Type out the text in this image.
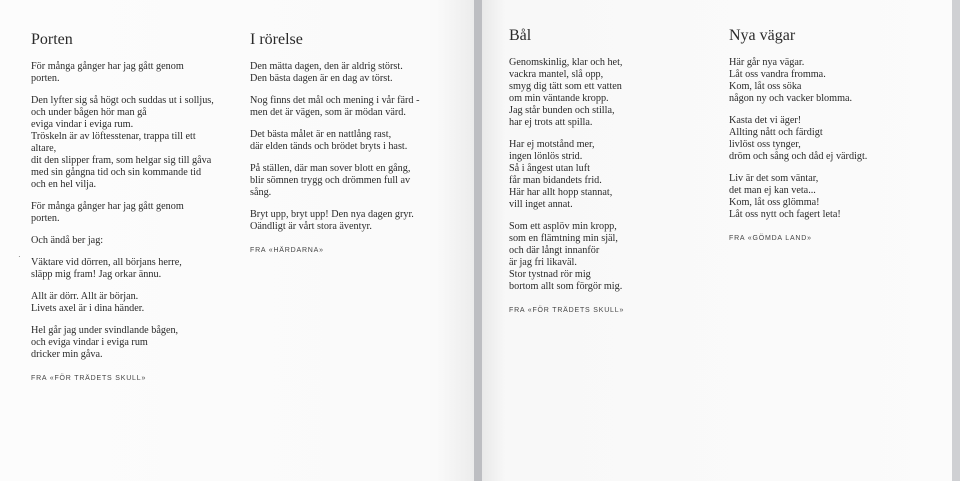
·
Porten
För många gånger har jag gått genom
porten.
Den lyfter sig så högt och suddas ut i solljus,
och under bågen hör man gå
eviga vindar i eviga rum.
Tröskeln är av löftesstenar, trappa till ett
altare,
dit den slipper fram, som helgar sig till gåva
med sin gångna tid och sin kommande tid
och en hel vilja.
För många gånger har jag gått genom
porten.
Och ändå ber jag:
Väktare vid dörren, all börjans herre,
släpp mig fram! Jag orkar ännu.
Allt är dörr. Allt är början.
Livets axel är i dina händer.
Hel går jag under svindlande bågen,
och eviga vindar i eviga rum
dricker min gåva.
FRA «FÖR TRÄDETS SKULL»
I rörelse
Den mätta dagen, den är aldrig störst.
Den bästa dagen är en dag av törst.
Nog finns det mål och mening i vår färd -
men det är vägen, som är mödan värd.
Det bästa målet är en nattlång rast,
där elden tänds och brödet bryts i hast.
På ställen, där man sover blott en gång,
blir sömnen trygg och drömmen full av
sång.
Bryt upp, bryt upp! Den nya dagen gryr.
Oändligt är vårt stora äventyr.
FRA «HÄRDARNA»
Bål
Genomskinlig, klar och het,
vackra mantel, slå opp,
smyg dig tätt som ett vatten
om min väntande kropp.
Jag står bunden och stilla,
har ej trots att spilla.
Har ej motstånd mer,
ingen lönlös strid.
Så i ångest utan luft
får man bidandets frid.
Här har allt hopp stannat,
vill inget annat.
Som ett asplöv min kropp,
som en flämtning min själ,
och där långt innanför
är jag fri likaväl.
Stor tystnad rör mig
bortom allt som förgör mig.
FRA «FÖR TRÄDETS SKULL»
Nya vägar
Här går nya vägar.
Låt oss vandra fromma.
Kom, låt oss söka
någon ny och vacker blomma.
Kasta det vi äger!
Allting nått och färdigt
livlöst oss tynger,
dröm och sång och dåd ej värdigt.
Liv är det som väntar,
det man ej kan veta...
Kom, låt oss glömma!
Låt oss nytt och fagert leta!
FRA «GÖMDA LAND»
